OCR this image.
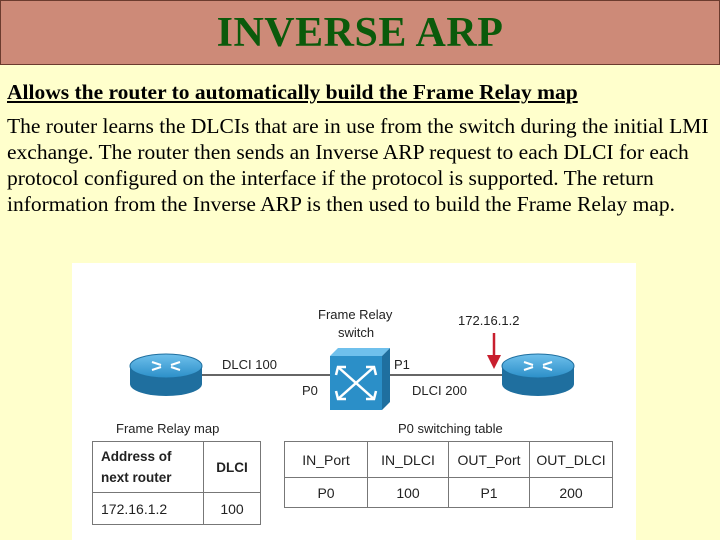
INVERSE ARP

Allows the router to automatically build the Frame Relay map

The router learns the DLCIs that are in use from the switch during the initial LMI exchange. The router then sends an Inverse ARP request to each DLCI for each protocol configured on the interface if the protocol is supported. The return information from the Inverse ARP is then used to build the Frame Relay map.

Frame Relay
switch
172.16.1.2
DLCI 100
P0
P1
DLCI 200
Frame Relay map	P0 switching table
Address of next router	DLCI
172.16.1.2	100
IN_Port	IN_DLCI	OUT_Port	OUT_DLCI
P0	100	P1	200
